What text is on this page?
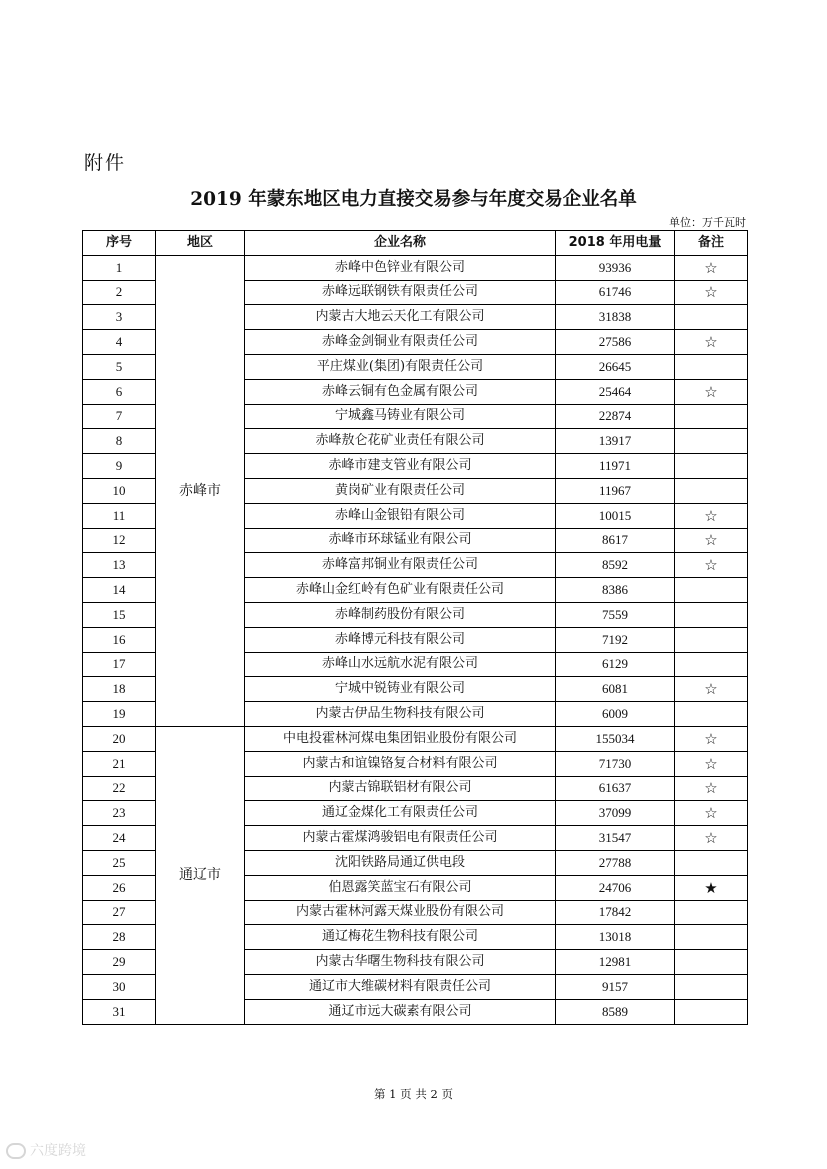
附件
2019 年蒙东地区电力直接交易参与年度交易企业名单
单位：万千瓦时
序号	地区	企业名称	2018 年用电量	备注
1	赤峰市	赤峰中色锌业有限公司	93936	☆
2		赤峰远联钢铁有限责任公司	61746	☆
3		内蒙古大地云天化工有限公司	31838	
4		赤峰金剑铜业有限责任公司	27586	☆
5		平庄煤业(集团)有限责任公司	26645	
6		赤峰云铜有色金属有限公司	25464	☆
7		宁城鑫马铸业有限公司	22874	
8		赤峰敖仑花矿业责任有限公司	13917	
9		赤峰市建支管业有限公司	11971	
10		黄岗矿业有限责任公司	11967	
11		赤峰山金银铅有限公司	10015	☆
12		赤峰市环球锰业有限公司	8617	☆
13		赤峰富邦铜业有限责任公司	8592	☆
14		赤峰山金红岭有色矿业有限责任公司	8386	
15		赤峰制药股份有限公司	7559	
16		赤峰博元科技有限公司	7192	
17		赤峰山水远航水泥有限公司	6129	
18		宁城中锐铸业有限公司	6081	☆
19		内蒙古伊品生物科技有限公司	6009	
20	通辽市	中电投霍林河煤电集团铝业股份有限公司	155034	☆
21		内蒙古和谊镍铬复合材料有限公司	71730	☆
22		内蒙古锦联铝材有限公司	61637	☆
23		通辽金煤化工有限责任公司	37099	☆
24		内蒙古霍煤鸿骏铝电有限责任公司	31547	☆
25		沈阳铁路局通辽供电段	27788	
26		伯恩露笑蓝宝石有限公司	24706	★
27		内蒙古霍林河露天煤业股份有限公司	17842	
28		通辽梅花生物科技有限公司	13018	
29		内蒙古华曙生物科技有限公司	12981	
30		通辽市大维碳材料有限责任公司	9157	
31		通辽市远大碳素有限公司	8589	
第 1 页 共 2 页
六度跨境
